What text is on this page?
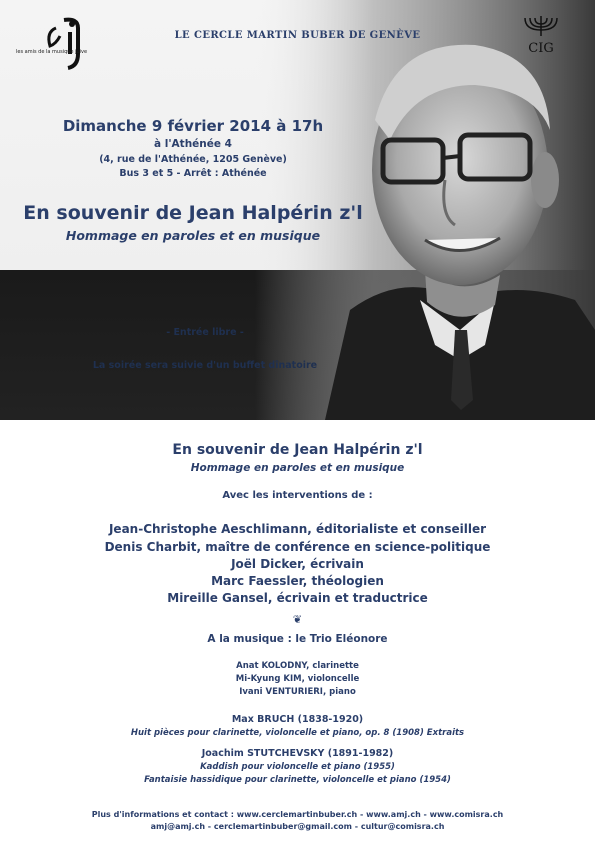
les amis de la musique juive
LE CERCLE MARTIN BUBER DE GENÈVE
CIG
Dimanche 9 février 2014 à 17h
à l'Athénée 4
(4, rue de l'Athénée, 1205 Genève)
Bus 3 et 5 - Arrêt : Athénée
En souvenir de Jean Halpérin z'l
Hommage en paroles et en musique
- Entrée libre -
La soirée sera suivie d'un buffet dînatoire
En souvenir de Jean Halpérin z'l
Hommage en paroles et en musique
Avec les interventions de :
Jean-Christophe Aeschlimann, éditorialiste et conseiller
Denis Charbit, maître de conférence en science-politique
Joël Dicker, écrivain
Marc Faessler, théologien
Mireille Gansel, écrivain et traductrice
❦
A la musique : le Trio Eléonore
Anat KOLODNY, clarinette
Mi-Kyung KIM, violoncelle
Ivani VENTURIERI, piano
Max BRUCH (1838-1920)
Huit pièces pour clarinette, violoncelle et piano, op. 8 (1908) Extraits
Joachim STUTCHEVSKY (1891-1982)
Kaddish pour violoncelle et piano (1955)
Fantaisie hassidique pour clarinette, violoncelle et piano (1954)
Plus d'informations et contact : www.cerclemartinbuber.ch - www.amj.ch - www.comisra.ch
amj@amj.ch - cerclemartinbuber@gmail.com - cultur@comisra.ch
